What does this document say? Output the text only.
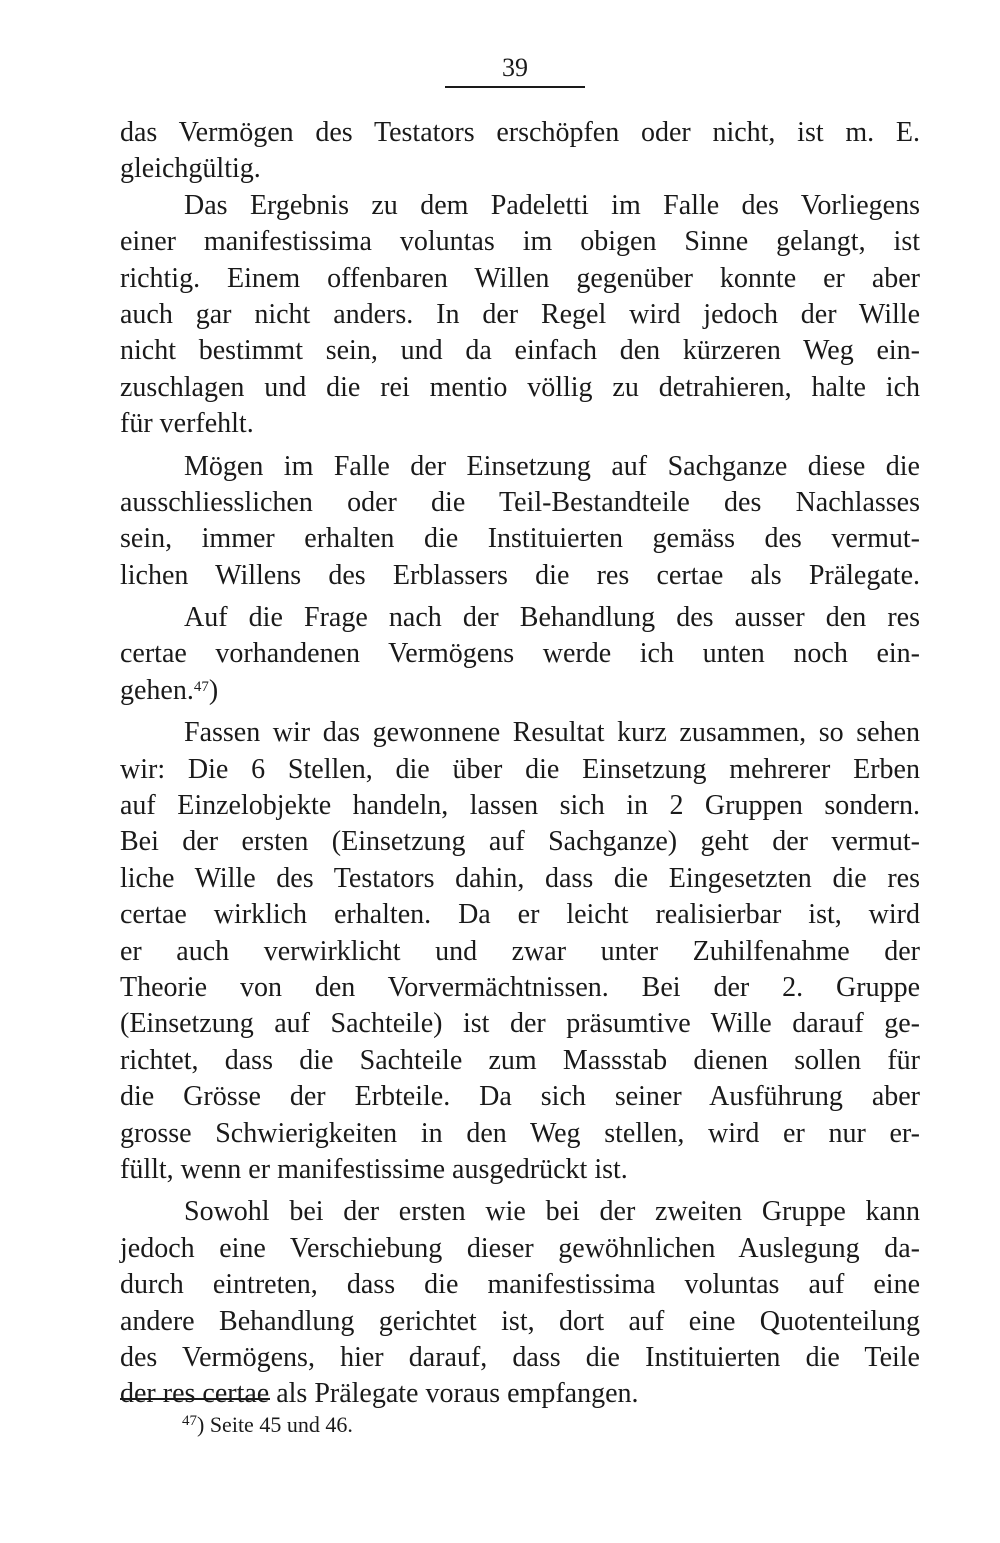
39
das Vermögen des Testators erschöpfen oder nicht, ist m. E.
gleichgültig.
Das Ergebnis zu dem Padeletti im Falle des Vorliegens
einer manifestissima voluntas im obigen Sinne gelangt, ist
richtig. Einem offenbaren Willen gegenüber konnte er aber
auch gar nicht anders. In der Regel wird jedoch der Wille
nicht bestimmt sein, und da einfach den kürzeren Weg ein-
zuschlagen und die rei mentio völlig zu detrahieren, halte ich
für verfehlt.
Mögen im Falle der Einsetzung auf Sachganze diese die
ausschliesslichen oder die Teil-Bestandteile des Nachlasses
sein, immer erhalten die Instituierten gemäss des vermut-
lichen Willens des Erblassers die res certae als Prälegate.
Auf die Frage nach der Behandlung des ausser den res
certae vorhandenen Vermögens werde ich unten noch ein-
gehen.$^{47}$)
Fassen wir das gewonnene Resultat kurz zusammen, so sehen
wir: Die 6 Stellen, die über die Einsetzung mehrerer Erben
auf Einzelobjekte handeln, lassen sich in 2 Gruppen sondern.
Bei der ersten (Einsetzung auf Sachganze) geht der vermut-
liche Wille des Testators dahin, dass die Eingesetzten die res
certae wirklich erhalten. Da er leicht realisierbar ist, wird
er auch verwirklicht und zwar unter Zuhilfenahme der
Theorie von den Vorvermächtnissen. Bei der 2. Gruppe
(Einsetzung auf Sachteile) ist der präsumtive Wille darauf ge-
richtet, dass die Sachteile zum Massstab dienen sollen für
die Grösse der Erbteile. Da sich seiner Ausführung aber
grosse Schwierigkeiten in den Weg stellen, wird er nur er-
füllt, wenn er manifestissime ausgedrückt ist.
Sowohl bei der ersten wie bei der zweiten Gruppe kann
jedoch eine Verschiebung dieser gewöhnlichen Auslegung da-
durch eintreten, dass die manifestissima voluntas auf eine
andere Behandlung gerichtet ist, dort auf eine Quotenteilung
des Vermögens, hier darauf, dass die Instituierten die Teile
der res certae als Prälegate voraus empfangen.
$^{47}$) Seite 45 und 46.
